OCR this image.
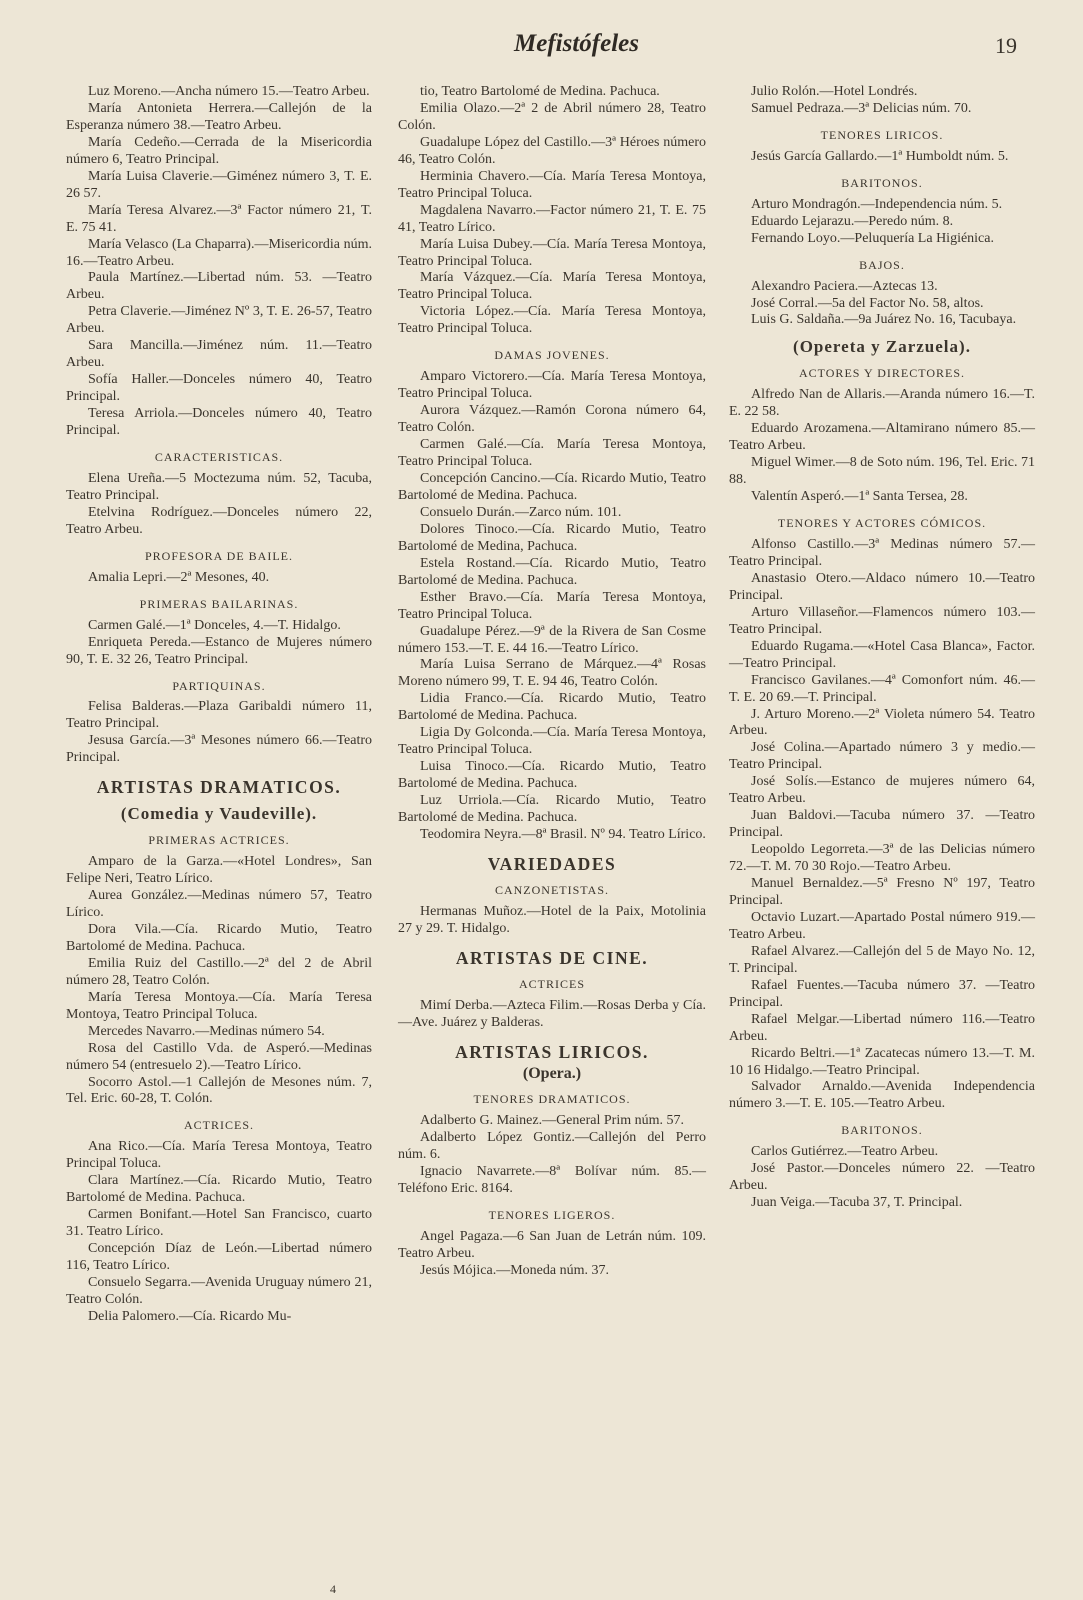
Mefistófeles	19

Luz Moreno.—Ancha número 15.—Teatro Arbeu.

María Antonieta Herrera.—Callejón de la Esperanza número 38.—Teatro Arbeu.

María Cedeño.—Cerrada de la Misericordia número 6, Teatro Principal.

María Luisa Claverie.—Giménez número 3, T. E. 26 57.

María Teresa Alvarez.—3ª Factor número 21, T. E. 75 41.

María Velasco (La Chaparra).—Misericordia núm. 16.—Teatro Arbeu.

Paula Martínez.—Libertad núm. 53. —Teatro Arbeu.

Petra Claverie.—Jiménez Nº 3, T. E. 26-57, Teatro Arbeu.

Sara Mancilla.—Jiménez núm. 11.—Teatro Arbeu.

Sofía Haller.—Donceles número 40, Teatro Principal.

Teresa Arriola.—Donceles número 40, Teatro Principal.

CARACTERISTICAS.

Elena Ureña.—5 Moctezuma núm. 52, Tacuba, Teatro Principal.

Etelvina Rodríguez.—Donceles número 22, Teatro Arbeu.

PROFESORA DE BAILE.

Amalia Lepri.—2ª Mesones, 40.

PRIMERAS BAILARINAS.

Carmen Galé.—1ª Donceles, 4.—T. Hidalgo.

Enriqueta Pereda.—Estanco de Mujeres número 90, T. E. 32 26, Teatro Principal.

PARTIQUINAS.

Felisa Balderas.—Plaza Garibaldi número 11, Teatro Principal.

Jesusa García.—3ª Mesones número 66.—Teatro Principal.

ARTISTAS DRAMATICOS.
(Comedia y Vaudeville).
PRIMERAS ACTRICES.

Amparo de la Garza.—«Hotel Londres», San Felipe Neri, Teatro Lírico.

Aurea González.—Medinas número 57, Teatro Lírico.

Dora Vila.—Cía. Ricardo Mutio, Teatro Bartolomé de Medina. Pachuca.

Emilia Ruiz del Castillo.—2ª del 2 de Abril número 28, Teatro Colón.

María Teresa Montoya.—Cía. María Teresa Montoya, Teatro Principal Toluca.

Mercedes Navarro.—Medinas número 54.

Rosa del Castillo Vda. de Asperó.—Medinas número 54 (entresuelo 2).—Teatro Lírico.

Socorro Astol.—1 Callejón de Mesones núm. 7, Tel. Eric. 60-28, T. Colón.

ACTRICES.

Ana Rico.—Cía. María Teresa Montoya, Teatro Principal Toluca.

Clara Martínez.—Cía. Ricardo Mutio, Teatro Bartolomé de Medina. Pachuca.

Carmen Bonifant.—Hotel San Francisco, cuarto 31. Teatro Lírico.

Concepción Díaz de León.—Libertad número 116, Teatro Lírico.

Consuelo Segarra.—Avenida Uruguay número 21, Teatro Colón.

Delia Palomero.—Cía. Ricardo Mu-

tio, Teatro Bartolomé de Medina. Pachuca.

Emilia Olazo.—2ª 2 de Abril número 28, Teatro Colón.

Guadalupe López del Castillo.—3ª Héroes número 46, Teatro Colón.

Herminia Chavero.—Cía. María Teresa Montoya, Teatro Principal Toluca.

Magdalena Navarro.—Factor número 21, T. E. 75 41, Teatro Lírico.

María Luisa Dubey.—Cía. María Teresa Montoya, Teatro Principal Toluca.

María Vázquez.—Cía. María Teresa Montoya, Teatro Principal Toluca.

Victoria López.—Cía. María Teresa Montoya, Teatro Principal Toluca.

DAMAS JOVENES.

Amparo Victorero.—Cía. María Teresa Montoya, Teatro Principal Toluca.

Aurora Vázquez.—Ramón Corona número 64, Teatro Colón.

Carmen Galé.—Cía. María Teresa Montoya, Teatro Principal Toluca.

Concepción Cancino.—Cía. Ricardo Mutio, Teatro Bartolomé de Medina. Pachuca.

Consuelo Durán.—Zarco núm. 101.

Dolores Tinoco.—Cía. Ricardo Mutio, Teatro Bartolomé de Medina, Pachuca.

Estela Rostand.—Cía. Ricardo Mutio, Teatro Bartolomé de Medina. Pachuca.

Esther Bravo.—Cía. María Teresa Montoya, Teatro Principal Toluca.

Guadalupe Pérez.—9ª de la Rivera de San Cosme número 153.—T. E. 44 16.—Teatro Lírico.

María Luisa Serrano de Márquez.—4ª Rosas Moreno número 99, T. E. 94 46, Teatro Colón.

Lidia Franco.—Cía. Ricardo Mutio, Teatro Bartolomé de Medina. Pachuca.

Ligia Dy Golconda.—Cía. María Teresa Montoya, Teatro Principal Toluca.

Luisa Tinoco.—Cía. Ricardo Mutio, Teatro Bartolomé de Medina. Pachuca.

Luz Urriola.—Cía. Ricardo Mutio, Teatro Bartolomé de Medina. Pachuca.

Teodomira Neyra.—8ª Brasil. Nº 94. Teatro Lírico.

VARIEDADES
CANZONETISTAS.

Hermanas Muñoz.—Hotel de la Paix, Motolinia 27 y 29. T. Hidalgo.

ARTISTAS DE CINE.
ACTRICES

Mimí Derba.—Azteca Filim.—Rosas Derba y Cía.—Ave. Juárez y Balderas.

ARTISTAS LIRICOS.
(Opera.)
TENORES DRAMATICOS.

Adalberto G. Mainez.—General Prim núm. 57.

Adalberto López Gontiz.—Callejón del Perro núm. 6.

Ignacio Navarrete.—8ª Bolívar núm. 85.—Teléfono Eric. 8164.

TENORES LIGEROS.

Angel Pagaza.—6 San Juan de Letrán núm. 109. Teatro Arbeu.

Jesús Mójica.—Moneda núm. 37.

Julio Rolón.—Hotel Londrés.

Samuel Pedraza.—3ª Delicias núm. 70.

TENORES LIRICOS.

Jesús García Gallardo.—1ª Humboldt núm. 5.

BARITONOS.

Arturo Mondragón.—Independencia núm. 5.

Eduardo Lejarazu.—Peredo núm. 8.

Fernando Loyo.—Peluquería La Higiénica.

BAJOS.

Alexandro Paciera.—Aztecas 13.

José Corral.—5a del Factor No. 58, altos.

Luis G. Saldaña.—9a Juárez No. 16, Tacubaya.

(Opereta y Zarzuela).
ACTORES Y DIRECTORES.

Alfredo Nan de Allaris.—Aranda número 16.—T. E. 22 58.

Eduardo Arozamena.—Altamirano número 85.—Teatro Arbeu.

Miguel Wimer.—8 de Soto núm. 196, Tel. Eric. 71 88.

Valentín Asperó.—1ª Santa Tersea, 28.

TENORES Y ACTORES CÓMICOS.

Alfonso Castillo.—3ª Medinas número 57.—Teatro Principal.

Anastasio Otero.—Aldaco número 10.—Teatro Principal.

Arturo Villaseñor.—Flamencos número 103.—Teatro Principal.

Eduardo Rugama.—«Hotel Casa Blanca», Factor.—Teatro Principal.

Francisco Gavilanes.—4ª Comonfort núm. 46.—T. E. 20 69.—T. Principal.

J. Arturo Moreno.—2ª Violeta número 54. Teatro Arbeu.

José Colina.—Apartado número 3 y medio.—Teatro Principal.

José Solís.—Estanco de mujeres número 64, Teatro Arbeu.

Juan Baldovi.—Tacuba número 37. —Teatro Principal.

Leopoldo Legorreta.—3ª de las Delicias número 72.—T. M. 70 30 Rojo.—Teatro Arbeu.

Manuel Bernaldez.—5ª Fresno Nº 197, Teatro Principal.

Octavio Luzart.—Apartado Postal número 919.—Teatro Arbeu.

Rafael Alvarez.—Callejón del 5 de Mayo No. 12, T. Principal.

Rafael Fuentes.—Tacuba número 37. —Teatro Principal.

Rafael Melgar.—Libertad número 116.—Teatro Arbeu.

Ricardo Beltri.—1ª Zacatecas número 13.—T. M. 10 16 Hidalgo.—Teatro Principal.

Salvador Arnaldo.—Avenida Independencia número 3.—T. E. 105.—Teatro Arbeu.

BARITONOS.

Carlos Gutiérrez.—Teatro Arbeu.

José Pastor.—Donceles número 22. —Teatro Arbeu.

Juan Veiga.—Tacuba 37, T. Principal.

4
